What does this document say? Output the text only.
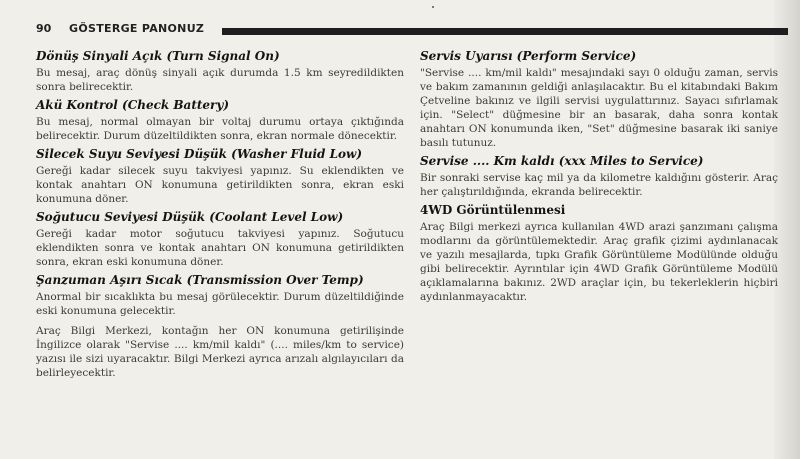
90 GÖSTERGE PANONUZ

Dönüş Sinyali Açık (Turn Signal On)

Bu mesaj, araç dönüş sinyali açık durumda 1.5 km seyredildikten sonra belirecektir.

Akü Kontrol (Check Battery)

Bu mesaj, normal olmayan bir voltaj durumu ortaya çıktığında belirecektir. Durum düzeltildikten sonra, ekran normale dönecektir.

Silecek Suyu Seviyesi Düşük (Washer Fluid Low)

Gereği kadar silecek suyu takviyesi yapınız. Su eklendikten ve kontak anahtarı ON konumuna getirildikten sonra, ekran eski konumuna döner.

Soğutucu Seviyesi Düşük (Coolant Level Low)

Gereği kadar motor soğutucu takviyesi yapınız. Soğutucu eklendikten sonra ve kontak anahtarı ON konumuna getirildikten sonra, ekran eski konumuna döner.

Şanzuman Aşırı Sıcak (Transmission Over Temp)

Anormal bir sıcaklıkta bu mesaj görülecektir. Durum düzeltildiğinde eski konumuna gelecektir.

Araç Bilgi Merkezi, kontağın her ON konumuna getirilişinde İngilizce olarak "Servise .... km/mil kaldı" (.... miles/km to service) yazısı ile sizi uyaracaktır. Bilgi Merkezi ayrıca arızalı algılayıcıları da belirleyecektir.

Servis Uyarısı (Perform Service)

"Servise .... km/mil kaldı" mesajındaki sayı 0 olduğu zaman, servis ve bakım zamanının geldiği anlaşılacaktır. Bu el kitabındaki Bakım Çetveline bakınız ve ilgili servisi uygulattırınız. Sayacı sıfırlamak için. "Select" düğmesine bir an basarak, daha sonra kontak anahtarı ON konumunda iken, "Set" düğmesine basarak iki saniye basılı tutunuz.

Servise .... Km kaldı (xxx Miles to Service)

Bir sonraki servise kaç mil ya da kilometre kaldığını gösterir. Araç her çalıştırıldığında, ekranda belirecektir.

4WD Görüntülenmesi

Araç Bilgi merkezi ayrıca kullanılan 4WD arazi şanzımanı çalışma modlarını da görüntülemektedir. Araç grafik çizimi aydınlanacak ve yazılı mesajlarda, tıpkı Grafik Görüntüleme Modülünde olduğu gibi belirecektir. Ayrıntılar için 4WD Grafik Görüntüleme Modülü açıklamalarına bakınız. 2WD araçlar için, bu tekerleklerin hiçbiri aydınlanmayacaktır.
